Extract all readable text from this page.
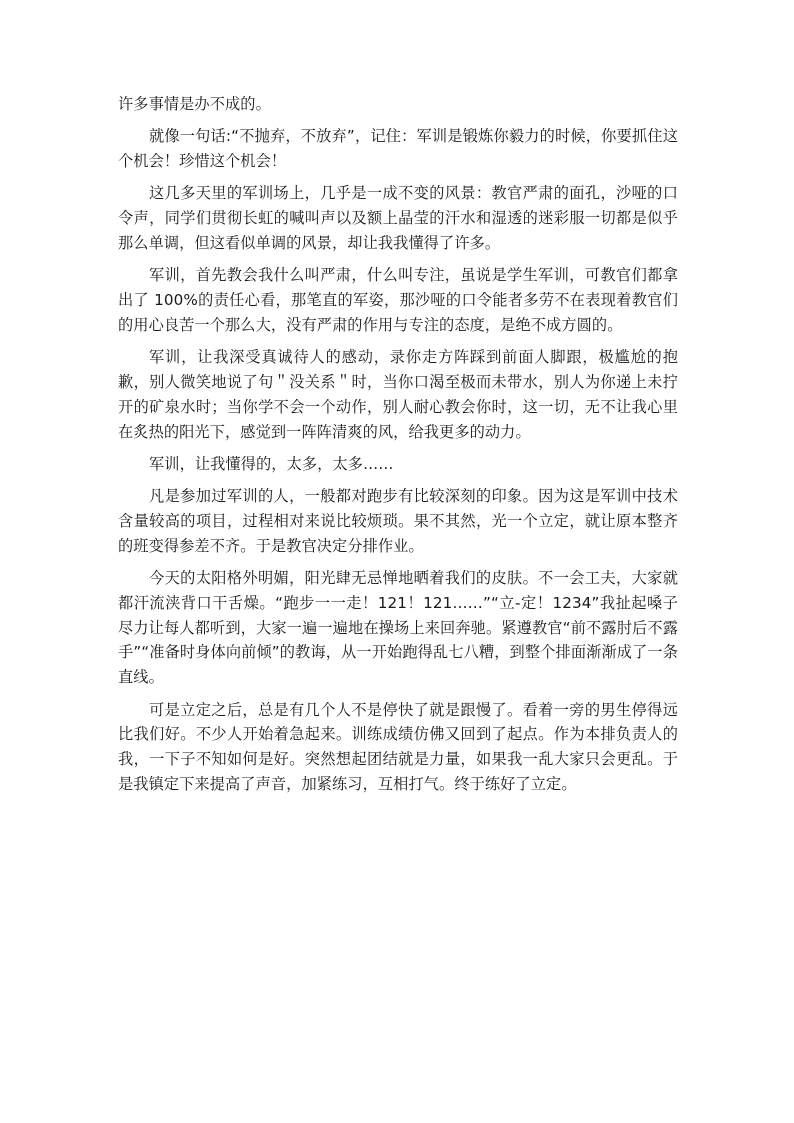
许多事情是办不成的。

就像一句话:“不抛弃，不放弃”，记住：军训是锻炼你毅力的时候，你要抓住这个机会！珍惜这个机会！

这几多天里的军训场上，几乎是一成不变的风景：教官严肃的面孔，沙哑的口令声，同学们贯彻长虹的喊叫声以及额上晶莹的汗水和湿透的迷彩服一切都是似乎那么单调，但这看似单调的风景，却让我我懂得了许多。

军训，首先教会我什么叫严肃，什么叫专注，虽说是学生军训，可教官们都拿出了 100%的责任心看，那笔直的军姿，那沙哑的口令能者多劳不在表现着教官们的用心良苦一个那么大，没有严肃的作用与专注的态度，是绝不成方圆的。

军训，让我深受真诚待人的感动，录你走方阵踩到前面人脚跟，极尴尬的抱歉，别人微笑地说了句＂没关系＂时，当你口渴至极而未带水，别人为你递上未拧开的矿泉水时；当你学不会一个动作，别人耐心教会你时，这一切，无不让我心里在炙热的阳光下，感觉到一阵阵清爽的风，给我更多的动力。

军训，让我懂得的，太多，太多……

凡是参加过军训的人，一般都对跑步有比较深刻的印象。因为这是军训中技术含量较高的项目，过程相对来说比较烦琐。果不其然，光一个立定，就让原本整齐的班变得参差不齐。于是教官决定分排作业。

今天的太阳格外明媚，阳光肆无忌惮地晒着我们的皮肤。不一会工夫，大家就都汗流浃背口干舌燥。“跑步一一走！121！121……”“立-定！1234”我扯起嗓子尽力让每人都听到，大家一遍一遍地在操场上来回奔驰。紧遵教官“前不露肘后不露手”“准备时身体向前倾”的教诲，从一开始跑得乱七八糟，到整个排面渐渐成了一条直线。

可是立定之后，总是有几个人不是停快了就是跟慢了。看着一旁的男生停得远比我们好。不少人开始着急起来。训练成绩仿佛又回到了起点。作为本排负责人的我，一下子不知如何是好。突然想起团结就是力量，如果我一乱大家只会更乱。于是我镇定下来提高了声音，加紧练习，互相打气。终于练好了立定。
